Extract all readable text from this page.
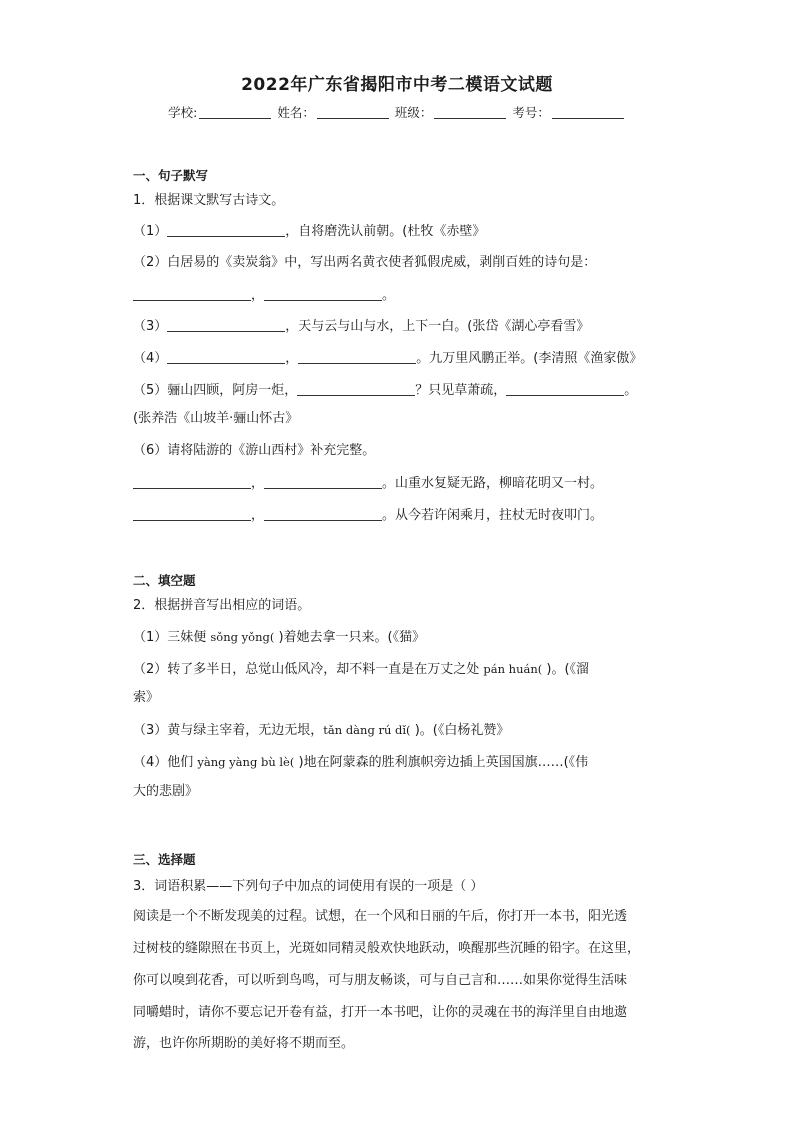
2022年广东省揭阳市中考二模语文试题
学校:	姓名：	班级：	考号：
一、句子默写
1．根据课文默写古诗文。
（1）	，自将磨洗认前朝。(杜牧《赤壁》
（2）白居易的《卖炭翁》中，写出两名黄衣使者狐假虎威，剥削百姓的诗句是：
，	。
（3）	，天与云与山与水，上下一白。(张岱《湖心亭看雪》
（4）	，	。九万里风鹏正举。(李清照《渔家傲》
（5）骊山四顾，阿房一炬，	？只见草萧疏，	。
(张养浩《山坡羊·骊山怀古》
（6）请将陆游的《游山西村》补充完整。
，	。山重水复疑无路，柳暗花明又一村。
，	。从今若许闲乘月，拄杖无时夜叩门。
二、填空题
2．根据拼音写出相应的词语。
（1）三妹便 sǒng yǒng( )着她去拿一只来。(《猫》
（2）转了多半日，总觉山低风冷，却不料一直是在万丈之处 pán huán( )。(《溜
索》
（3）黄与绿主宰着，无边无垠，tǎn dàng rú dǐ( )。(《白杨礼赞》
（4）他们 yàng yàng bù lè( )地在阿蒙森的胜利旗帜旁边插上英国国旗……(《伟
大的悲剧》
三、选择题
3．词语积累——下列句子中加点的词使用有误的一项是（ ）
阅读是一个不断发现美的过程。试想，在一个风和日丽的午后，你打开一本书，阳光透
过树枝的缝隙照在书页上，光斑如同精灵般欢快地跃动，唤醒那些沉睡的铅字。在这里，
你可以嗅到花香，可以听到鸟鸣，可与朋友畅谈，可与自己言和……如果你觉得生活味
同嚼蜡时，请你不要忘记开卷有益，打开一本书吧，让你的灵魂在书的海洋里自由地遨
游，也许你所期盼的美好将不期而至。
